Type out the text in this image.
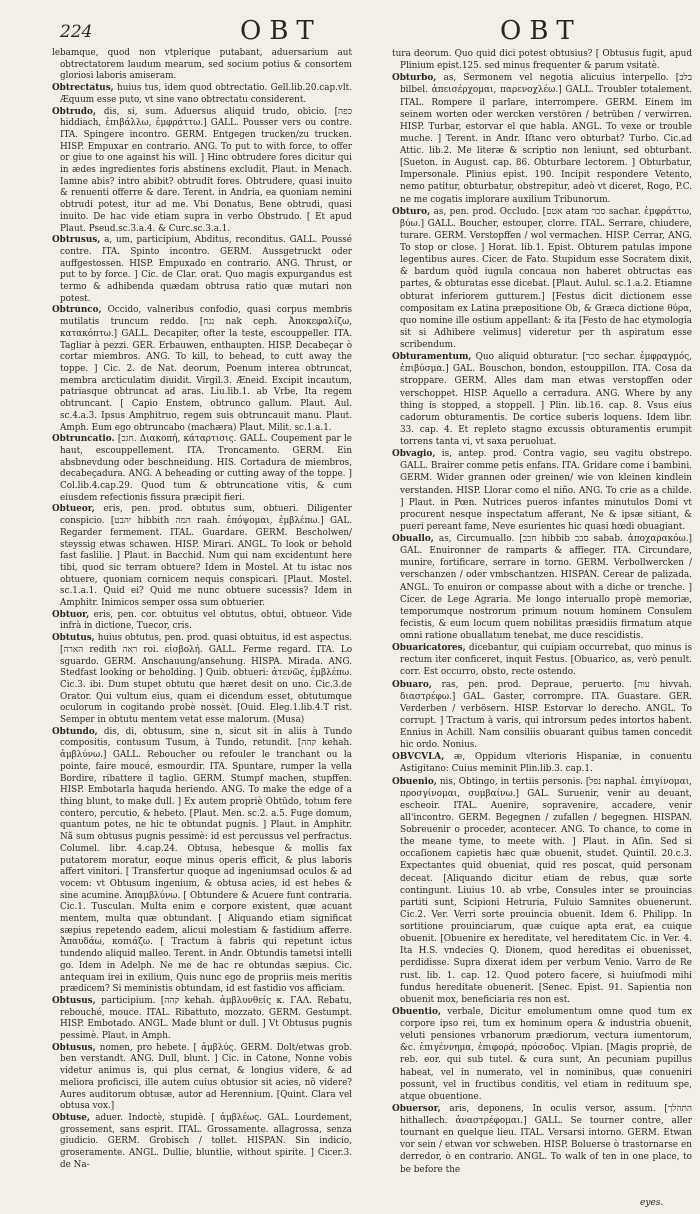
224	OBT	OBT

lebamque, quod non vtplerique putabant, aduersarium aut obtrectatorem laudum mearum, sed socium potius & consortem gloriosi laboris amiseram.

Obtrectatus, huius tus, idem quod obtrectatio. Gell.lib.20.cap.vlt. Æquum esse puto, vt sine vano obtrectatu considerent.

Obtrudo, dis, si, sum. Aduersus aliquid trudo, obicio. [כפה hiddiach, ἐπιβάλλω, ἐμφράττω.] GALL. Pousser vers ou contre. ITA. Spingere incontro. GERM. Entgegen trucken/zu trucken. HISP. Empuxar en contrario. ANG. To put to with force, to offer or giue to one against his will. ] Hinc obtrudere fores dicitur qui in ædes ingredientes foris abstinens excludit. Plaut. in Menach. Iamne abis? intro abibit? obtrudit fores. Obtrudere, quasi inuito & renuenti offerre & dare. Terent. in Andria, ea quoniam nemini obtrudi potest, itur ad me. Vbi Donatus, Bene obtrudi, quasi inuito. De hac vide etiam supra in verbo Obstrudo. [ Et apud Plaut. Pseud.sc.3.a.4. & Curc.sc.3.a.1.

Obtrusus, a, um, participium, Abditus, reconditus. GALL. Poussé contre. ITA. Spinto incontro. GERM. Aussgetruckt oder auffgestossen. HISP. Empuxado en contrario. ANG. Thrust, or put to by force. ] Cic. de Clar. orat. Quo magis expurgandus est termo & adhibenda quædam obtrusa ratio quæ mutari non potest.

Obtrunco, Occido, valneribus confodio, quasi corpus membris mutilatis truncum reddo. [נגח nak ceph. Ἀποκεφαλίζω, κατακόπτω.] GALL. Decapiter, ofter la teste, escouppeller. ITA. Tagliar à pezzi. GER. Erbauwen, enthaupten. HISP. Decabeçar ò cortar miembros. ANG. To kill, to behead, to cutt away the toppe. ] Cic. 2. de Nat. deorum, Poenum interea obtruncat, membra arcticulatim diuidit. Virgil.3. Æneid. Excipit incautum, patriasque obtruncat ad aras. Liu.lib.1. ab Vrbe, Ita regem obtruncant. [ Capio Enstem, obtrunco gallum. Plaut. Aul. sc.4.a.3. Ipsus Amphitruo, regem suis obtruncauit manu. Plaut. Amph. Eum ego obtruncabo (machæra) Plaut. Milit. sc.1.a.1.

Obtruncatio. [חגכ. Διακοπή, κάταρτισις. GALL. Coupement par le haut, escouppellement. ITA. Troncamento. GERM. Ein absbnevdung oder beschneidung. HIS. Cortadura de miembros, decabeçadura. ANG. A beheading or cutting away of the toppe. ] Col.lib.4.cap.29. Quod tum & obtruncatione vitis, & cum eiusdem refectionis fissura præcipit fieri.

Obtueor, eris, pen. prod. obtutus sum, obtueri. Diligenter conspicio. [יהבט hibbith המה raah. ἐπόψομαι, ἐμβλέπω.] GAL. Regarder fermement. ITAL. Guardare. GERM. Bescholwen/ steyssig etwas schawen. HISP. Mirari. ANGL. To look or behold fast faslilie. ] Plaut. in Bacchid. Num qui nam excidentunt here tibi, quod sic terram obtuere? Idem in Mostel. At tu istac nos obtuere, quoniam cornicem nequis conspicari. [Plaut. Mostel. sc.1.a.1. Quid ei? Quid me nunc obtuere sucessis? Idem in Amphitr. Inimicos semper ossa sum obtuerier.

Obtuor, eris, pen. cor. obtuitus vel obtutus, obtui, obtueor. Vide infrà in dictione, Tuecor, cris.

Obtutus, huius obtutus, pen. prod. quasi obtuitus, id est aspectus. [הארה redith ראה roi. εἰσβολή. GALL. Ferme regard. ITA. Lo sguardo. GERM. Anschauung/ansehung. HISPA. Mirada. ANG. Stedfast looking or beholding. ] Quib. obtueri: ἀτενῶς, ἐμβλέπω. Cic.3. ibi. Dum stupet obtutu que hæret desit on uno. Cic.3.de Orator. Qui vultum eius, quam ei dicendum esset, obtutumque oculorum in cogitando probè nossèt. [Ouid. Eleg.1.lib.4.T rist. Semper in obtutu mentem vetat esse malorum. (Musa)

Obtundo, dis, di, obtusum, sine n, sicut sit in aliis à Tundo compositis, contusum Tusum, à Tundo, retundit. [קהה kehah. ἀμβλύνω.] GALL. Reboucher ou refouler le tranchant ou la pointe, faire moucé, esmourdir. ITA. Spuntare, rumper la vella Bordire, ribattere il taglio. GERM. Stumpf machen, stupffen. HISP. Embotarla haquda heriendo. ANG. To make the edge of a thing blunt, to make dull. ] Ex autem propriè Obtūdo, totum fere contero, percutio, & hebeto. [Plaut. Men. sc.2. a.5. Fuge domum, quantum potes, ne hic te obtundat pugnis. ] Plaut. in Amphitr. Nã sum obtusus pugnis pessimè: id est percussus vel perfractus. Columel. libr. 4.cap.24. Obtusa, hebesque & mollis fax putatorem moratur, eoque minus operis efficit, & plus laboris affert vinitori. [ Transfertur quoque ad ingeniumsad oculos & ad vocem: vt Obtusum ingenium, & obtusa acies, id est hebes & sine acumine. Ἀπαμβλύνω. [ Obtundere & Acuere funt contraria. Cic.1. Tusculan. Multa enim e corpore existent, quæ acuant mentem, multa quæ obtundant. [ Aliquando etiam significat sæpius repetendo eadem, alicui molestiam & fastidium afferre. Ἀπαυδάω, κοπιάζω. [ Tractum à fabris qui repetunt ictus tundendo aliquid malleo. Terent. in Andr. Obtundis tametsi intelli go. Idem in Adelph. Ne me de hac re obtundas sæpius. Cic. antequam irei in exilium, Quis nunc ego de propriis meis meritis prædicem? Si meministis obtundam, id est fastidio vos afficiam.

Obtusus, participium. [קהה kehah. ἀμβλυνθείς κ. ΓΑΛ. Rebatu, rebouché, mouce. ITAL. Ribattuto, mozzato. GERM. Gestumpt. HISP. Embotado. ANGL. Made blunt or dull. ] Vt Obtusus pugnis pessimè. Plaut. in Amph.

Obtusus, nomen, pro hebete. [ ἀμβλύς. GERM. Dolt/etwas grob. ben verstandt. ANG. Dull, blunt. ] Cic. in Catone, Nonne vobis videtur animus is, qui plus cernat, & longius videre, & ad meliora proficisci, ille autem cuius obtusior sit acies, nõ videre? Aures auditorum obtusæ, autor ad Herennium. [Quint. Clara vel obtusa vox.]

Obtuse, aduer. Indoctè, stupidè. [ ἀμβλέως. GAL. Lourdement, grossement, sans esprit. ITAL. Grossamente. allagrossa, senza giudicio. GERM. Grobisch / tollet. HISPAN. Sin indicio, groseramente. ANGL. Dullie, bluntlie, without spirite. ] Cicer.3. de Na-

tura deorum. Quo quid dici potest obtusius? [ Obtusus fugit, apud Plinium epist.125. sed minus frequenter & parum vsitatè.

Obturbo, as, Sermonem vel negotia alicuius interpello. [בלב bilbel. ἀπεισέρχομαι, παρενοχλέω.] GALL. Troubler totalement. ITAL. Rompere il parlare, interrompere. GERM. Einem im seinem worten oder wercken verstören / betrüben / verwirren. HISP. Turbar, estorvar el que habla. ANGL. To vexe or trouble muche. ] Terent. in Andr. Iſtanc vero obturbat? Turbo. Cic.ad Attic. lib.2. Me literæ & scriptio non leniunt, sed obturbant. [Sueton. in August. cap. 86. Obturbare lectorem. ] Obturbatur, Impersonale. Plinius epist. 190. Incipit respondere Vetento, nemo patitur, obturbatur, obstrepitur, adeò vt diceret, Rogo, P.C. ne me cogatis implorare auxilium Tribunorum.

Obturo, as, pen. prod. Occludo. [אטם atam סכר sachar. ἐμφράττω, βύω.] GALL. Boucher, estouper, clorre. ITAL. Serrare, chiudere, turare. GERM. Verstopffen / wol vermachen. HISP. Cerrar, ANG. To stop or close. ] Horat. lib.1. Epist. Obturem patulas impone legentibus aures. Cicer. de Fato. Stupidum esse Socratem dixit, & bardum quòd iugula concaua non haberet obtructas eas partes, & obturatas esse dicebat. [Plaut. Aulul. sc.1.a.2. Etiamne obturat inferiorem gutturem.] [Festus dicit dictionem esse compositam ex Latina præpositione Ob, & Græca dictione θύρα, quo nomine ille ostium appellant: & ita [Festo de hac etymologia sit si Adhibere velimus] videretur per th aspiratum esse scribendum.

Obturamentum, Quo aliquid obturatur. [סכר sechar. ἐμφραγμός, ἐπιβύσμα.] GAL. Bouschon, bondon, estouppillon. ITA. Cosa da stroppare. GERM. Alles dam man etwas verstopffen oder verschoppet. HISP. Aquello a cerradura. ANG. Where by any thing is stopped, a stoppell. ] Plin. lib.16. cap. 8. Vsus eius cadorum obturamentis. De cortice suberis loquens. Idem libr. 33. cap. 4. Et repleto stagno excussis obturamentis erumpit torrens tanta vi, vt saxa peruoluat.

Obvagio, is, antep. prod. Contra vagio, seu vagitu obstrepo. GALL. Brairer comme petis enfans. ITA. Gridare come i bambini. GERM. Wider grannen oder greinen/ wie von kleinen kindlein verstanden. HISP. Llorar como el niño. ANG. To crie as a childe. ] Plaut. in Pœn. Nutrices pueros infantes minutulos Domi vt procurent nesque inspectatum afferant, Ne & ipsæ sitiant, & pueri pereant fame, Neve esurientes hic quasi hœdi obuagiant.

Obuallo, as, Circumuallo. [חבב hibbib סבב sabab. ἀποχαρακόω.] GAL. Enuironner de ramparts & affieger. ITA. Circundare, munire, fortificare, serrare in torno. GERM. Verbollwercken / verschanzen / oder vmbschantzen. HISPAN. Cerear de palizada. ANGL. To enuiron or compasse about with a diche or trenche. ] Cicer. de Lege Agraria. Me longo interuallo propè memoriæ, temporumque nostrorum primum nouum hominem Consulem fecistis, & eum locum quem nobilitas præsidiis firmatum atque omni ratione obuallatum tenebat, me duce rescidistis.

Obuaricatores, dicebantur, qui cuipiam occurrebat, quo minus is rectum iter conficeret, inquit Festus. [Obuarico, as, verò penult. corr. Est occurro, obsto, recte ostendo.

Obuaro, ras, pen. prod. Depraue, peruerto. [עוה hivvah. διαστρέφω.] GAL. Gaster, corrompre. ITA. Guastare. GER. Verderben / verbösern. HISP. Estorvar lo derecho. ANGL. To corrupt. ] Tractum à varis, qui introrsum pedes intortos habent. Ennius in Achill. Nam consiliis obuarant quibus tamen concedit hic ordo. Nonius.

OBVCVLA, æ, Oppidum vlterioris Hispaniæ, in conuentu Astigitano: Cuius meminit Plin.lib.3. cap.1.

Obuenio, nis, Obtingo, in tertiis personis. [נפל naphal. ἐπιγίνομαι, προσγίνομαι, συμβαίνω.] GAL. Suruenir, venir au deuant, escheoir. ITAL. Auenire, sopravenire, accadere, venir all'incontro. GERM. Begegnen / zufallen / begegnen. HISPAN. Sobreuenir o proceder, acontecer. ANG. To chance, to come in the meane tyme, to meete with. ] Plaut. in Aſin. Sed si occaſionem capietis hæc quæ obuenit, studet. Quintil. 20.c.3. Expectantes quid obueniat, quid res poscat, quid personam deceat. [Aliquando dicitur etiam de rebus, quæ sorte contingunt. Liuius 10. ab vrbe, Consules inter se prouincias partiti sunt, Scipioni Hetruria, Fuluio Samnites obuenerunt. Cic.2. Ver. Verri sorte prouincia obuenit. Idem 6. Philipp. In sortitione prouinciarum, quæ cuique apta erat, ea cuique obuenit. [Obuenire ex hereditate, vel hereditatem Cic. in Ver. 4. Ita H.S. vndecies Q. Dionem, quod hereditas ei obuenisset, perdidisse. Supra dixerat idem per verbum Venio. Varro de Re rust. lib. 1. cap. 12. Quod potero facere, si huiuſmodi mihi fundus hereditate obuenerit. [Senec. Epist. 91. Sapientia non obuenit mox, beneficiaria res non est.

Obuentio, verbale, Dicitur emolumentum omne quod tum ex corpore ipso rei, tum ex hominum opera & industria obuenit, veluti pensiones vrbanorum prædiorum, vectura iumentorum, &c. ἐπιγέννημα, ἐπιφορά, πρόσοδος. Vlpian. [Magis propriè, de reb. eor. qui sub tutel. & cura sunt, An pecuniam pupillus habeat, vel in numerato, vel in nominibus, quæ conueniri possunt, vel in fructibus conditis, vel etiam in redituum spe, atque obuentione.

Obuersor, aris, deponens, In oculis versor, assum. [התהלך hithallech. ἀναστρέφομαι.] GALL. Se tourner contre, aller tournant en quelque lieu. ITAL. Versarsi intorno. GERM. Etwan vor sein / etwan vor schweben. HISP. Boluerse ò trastornarse en derredor, ò en contrario. ANGL. To walk of ten in one place, to be before the

eyes.
